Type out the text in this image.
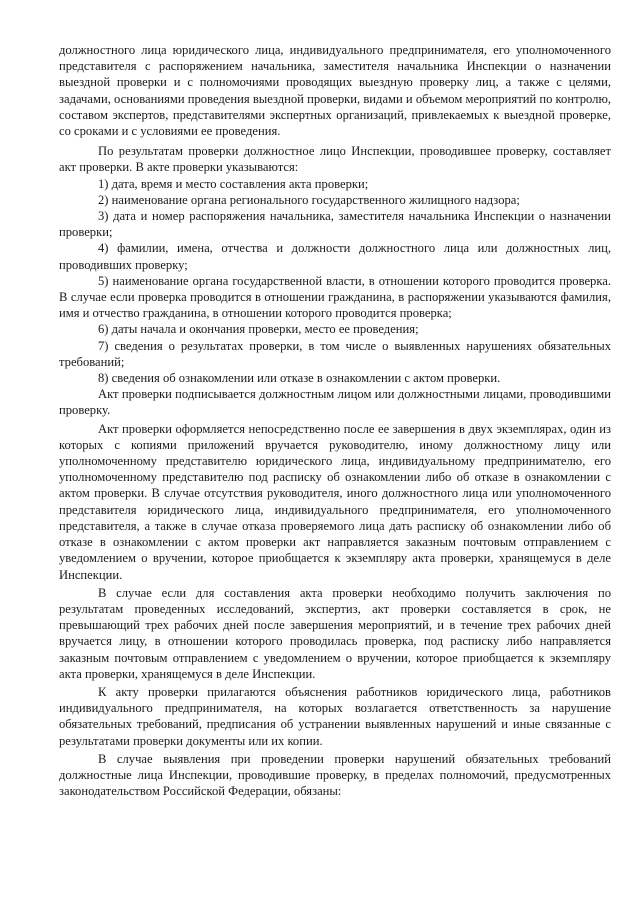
должностного лица юридического лица, индивидуального предпринимателя, его уполномоченного представителя с распоряжением начальника, заместителя начальника Инспекции о назначении выездной проверки и с полномочиями проводящих выездную проверку лиц, а также с целями, задачами, основаниями проведения выездной проверки, видами и объемом мероприятий по контролю, составом экспертов, представителями экспертных организаций, привлекаемых к выездной проверке, со сроками и с условиями ее проведения.

По результатам проверки должностное лицо Инспекции, проводившее проверку, составляет акт проверки. В акте проверки указываются:

1) дата, время и место составления акта проверки;

2) наименование органа регионального государственного жилищного надзора;

3) дата и номер распоряжения начальника, заместителя начальника Инспекции о назначении проверки;

4) фамилии, имена, отчества и должности должностного лица или должностных лиц, проводивших проверку;

5) наименование органа государственной власти, в отношении которого проводится проверка. В случае если проверка проводится в отношении гражданина, в распоряжении указываются фамилия, имя и отчество гражданина, в отношении которого проводится проверка;

6) даты начала и окончания проверки, место ее проведения;

7) сведения о результатах проверки, в том числе о выявленных нарушениях обязательных требований;

8) сведения об ознакомлении или отказе в ознакомлении с актом проверки.

Акт проверки подписывается должностным лицом или должностными лицами, проводившими проверку.

Акт проверки оформляется непосредственно после ее завершения в двух экземплярах, один из которых с копиями приложений вручается руководителю, иному должностному лицу или уполномоченному представителю юридического лица, индивидуальному предпринимателю, его уполномоченному представителю под расписку об ознакомлении либо об отказе в ознакомлении с актом проверки. В случае отсутствия руководителя, иного должностного лица или уполномоченного представителя юридического лица, индивидуального предпринимателя, его уполномоченного представителя, а также в случае отказа проверяемого лица дать расписку об ознакомлении либо об отказе в ознакомлении с актом проверки акт направляется заказным почтовым отправлением с уведомлением о вручении, которое приобщается к экземпляру акта проверки, хранящемуся в деле Инспекции.

В случае если для составления акта проверки необходимо получить заключения по результатам проведенных исследований, экспертиз, акт проверки составляется в срок, не превышающий трех рабочих дней после завершения мероприятий, и в течение трех рабочих дней вручается лицу, в отношении которого проводилась проверка, под расписку либо направляется заказным почтовым отправлением с уведомлением о вручении, которое приобщается к экземпляру акта проверки, хранящемуся в деле Инспекции.

К акту проверки прилагаются объяснения работников юридического лица, работников индивидуального предпринимателя, на которых возлагается ответственность за нарушение обязательных требований, предписания об устранении выявленных нарушений и иные связанные с результатами проверки документы или их копии.

В случае выявления при проведении проверки нарушений обязательных требований должностные лица Инспекции, проводившие проверку, в пределах полномочий, предусмотренных законодательством Российской Федерации, обязаны:
